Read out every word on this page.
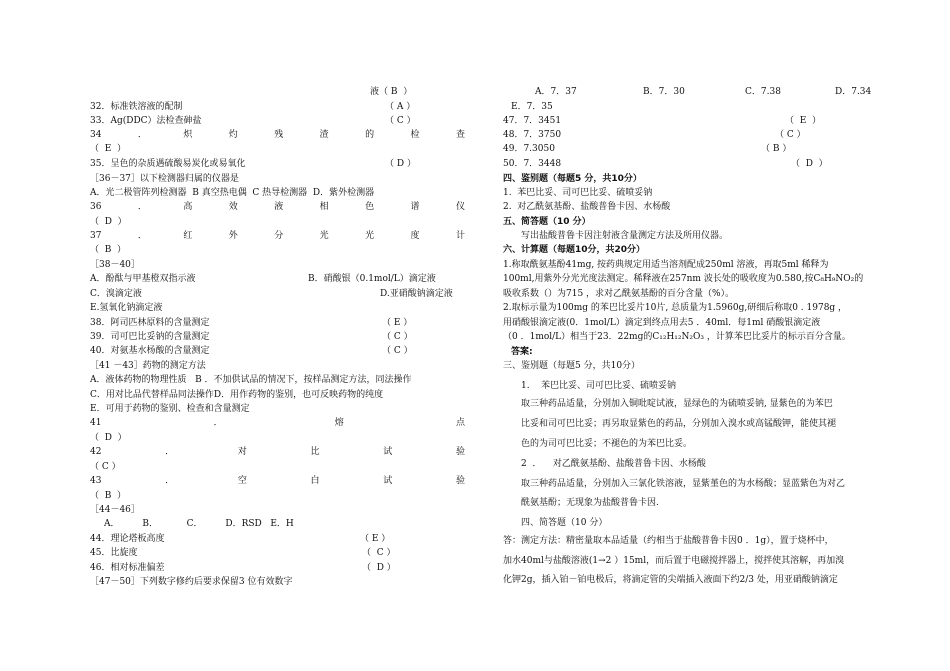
液（ B  ）
32．标准铁溶液的配制	（ A ）
33．Ag(DDC）法检查砷盐	（ C ）
34	．	炽	灼	残	渣	的	检	查
（  E  ）
35．呈色的杂质遇硫酸易炭化或易氧化	（ D ）
［36－37］以下检测器归属的仪器是
A．光二极管阵列检测器  B 真空热电偶  C 热导检测器  D．紫外检测器
36	．	高	效	液	相	色	谱	仪
（  D  ）
37	．	红	外	分	光	光	度	计
（  B  ）
［38－40］
A．酚酞与甲基橙双指示液	B．硝酸银（0.1mol/L）滴定液
C．溴滴定液	D.亚硝酸钠滴定液
E.氢氧化钠滴定液
38．阿司匹林原料的含量测定	（ E ）
39．司可巴比妥钠的含量测定	（ C ）
40．对氨基水杨酸的含量测定	（ C ）
［41 －43］药物的测定方法
A．液体药物的物理性质   B ．不加供试品的情况下，按样品测定方法，同法操作
C．用对比品代替样品同法操作D．用作药物的鉴别，也可反映药物的纯度
E．可用于药物的鉴别、检查和含量测定
41	．	熔	点
（  D  ）
42	．	对	比	试	验
（ C ）
43	．	空	白	试	验
（  B  ）
［44－46］
A．        B．          C．        D．RSD   E．H
44．理论塔板高度	（ E ）
45．比旋度	（  C ）
46．相对标准偏差	（  D ）
［47－50］下列数字修约后要求保留3 位有效数字
A．7．37	B．7．30	C．7.38	D．7.34
E．7．35
47．7．3451	（  E  ）
48．7．3750	（ C ）
49．7.3050	（ B ）
50．7．3448	（  D  ）
四、鉴别题（每题5 分，共10分）
1.  苯巴比妥、司可巴比妥、硫喷妥钠
2.  对乙酰氨基酚、盐酸普鲁卡因、水杨酸
五、简答题（10 分）
写出盐酸普鲁卡因注射液含量测定方法及所用仪器。
六、计算题（每题10分，共20分）
1.称取酰氨基酚41mg, 按药典规定用适当溶剂配成250ml 溶液，再取5ml 稀释为
100ml,用紫外分光光度法测定。稀释液在257nm 波长处的吸收度为0.580,按C₈H₉NO₂的
吸收系数（）为715 ，求对乙酰氨基酚的百分含量（%）。
2.取标示量为100mg 的苯巴比妥片10片, 总质量为1.5960g,研细后称取0 . 1978g ，
用硝酸银滴定液(0．1mol/L）滴定到终点用去5 ．40ml．每1ml 硝酸银滴定液
（0 ．1mol/L）相当于23．22mg的C₁₂H₁₂N₂O₃ ，计算苯巴比妥片的标示百分含量。
答案:
三、鉴别题（每题5 分，共10分）
1.    苯巴比妥、司可巴比妥、硫喷妥钠
取三种药品适量，分别加入铜吡啶试液，显绿色的为硫喷妥钠, 显紫色的为苯巴
比妥和司可巴比妥；再另取显紫色的药品，分别加入溴水或高锰酸钾，能使其褪
色的为司可巴比妥；不褪色的为苯巴比妥。
2  ．    对乙酰氨基酚、盐酸普鲁卡因、水杨酸
取三种药品适量，分别加入三氯化铁溶液，显紫堇色的为水杨酸；显蓝紫色为对乙
酰氨基酚；无现象为盐酸普鲁卡因.
四、简答题（10 分）
答：测定方法：精密量取本品适量（约相当于盐酸普鲁卡因0 ．1g），置于烧杯中，
加水40ml与盐酸溶液(1→2 ）15ml，而后置于电磁搅拌器上，搅拌使其溶解，再加溴
化钾2g，插入铂－铂电极后，将滴定管的尖端插入液面下约2/3 处，用亚硝酸钠滴定
